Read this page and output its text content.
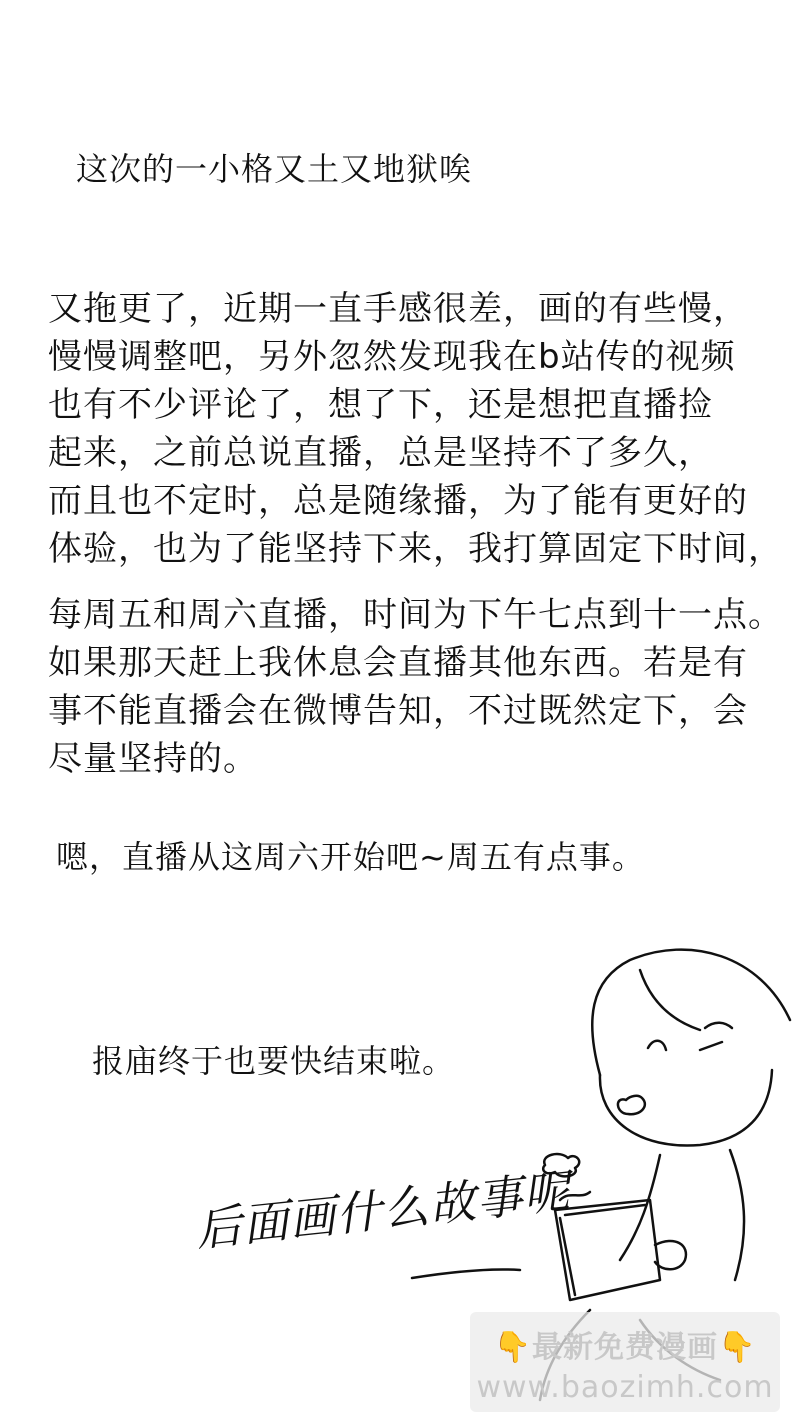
这次的一小格又土又地狱唉
又拖更了，近期一直手感很差，画的有些慢，
慢慢调整吧，另外忽然发现我在b站传的视频
也有不少评论了，想了下，还是想把直播捡
起来，之前总说直播，总是坚持不了多久，
而且也不定时，总是随缘播，为了能有更好的
体验，也为了能坚持下来，我打算固定下时间，
每周五和周六直播，时间为下午七点到十一点。
如果那天赶上我休息会直播其他东西。若是有
事不能直播会在微博告知，不过既然定下，会
尽量坚持的。
嗯，直播从这周六开始吧~周五有点事。
报庙终于也要快结束啦。
后面画什么故事呢
👇最新免费漫画👇
www.baozimh.com
